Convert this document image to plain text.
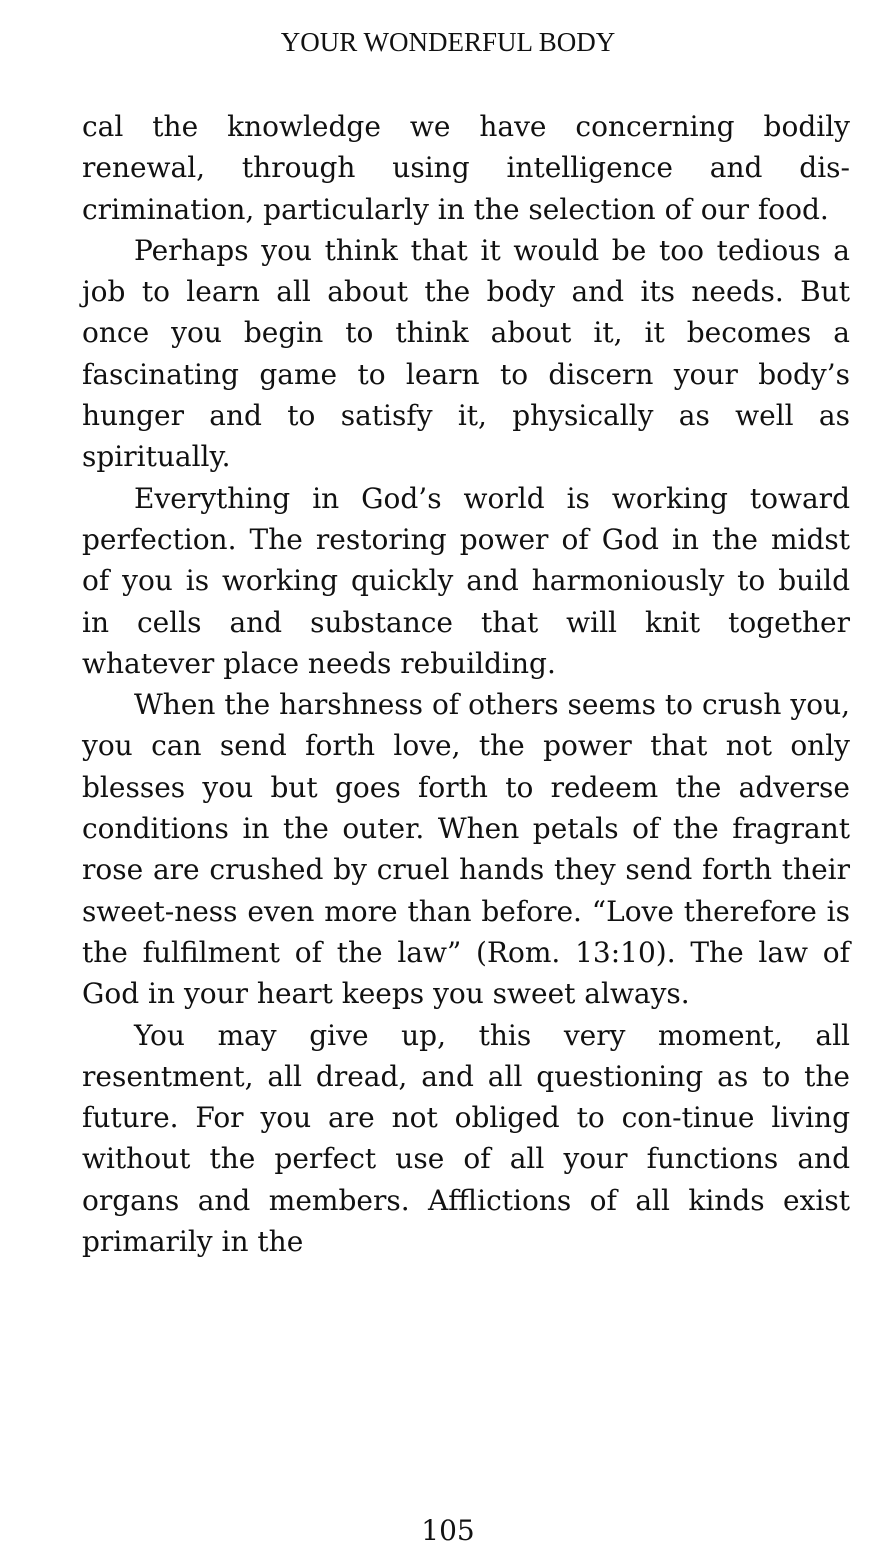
YOUR WONDERFUL BODY

cal the knowledge we have concerning bodily renewal, through using intelligence and dis-crimination, particularly in the selection of our food.

Perhaps you think that it would be too tedious a job to learn all about the body and its needs. But once you begin to think about it, it becomes a fascinating game to learn to discern your body’s hunger and to satisfy it, physically as well as spiritually.

Everything in God’s world is working toward perfection. The restoring power of God in the midst of you is working quickly and harmoniously to build in cells and substance that will knit together whatever place needs rebuilding.

When the harshness of others seems to crush you, you can send forth love, the power that not only blesses you but goes forth to redeem the adverse conditions in the outer. When petals of the fragrant rose are crushed by cruel hands they send forth their sweet-ness even more than before. “Love therefore is the fulfilment of the law” (Rom. 13:10). The law of God in your heart keeps you sweet always.

You may give up, this very moment, all resentment, all dread, and all questioning as to the future. For you are not obliged to con-tinue living without the perfect use of all your functions and organs and members. Afflictions of all kinds exist primarily in the

105
